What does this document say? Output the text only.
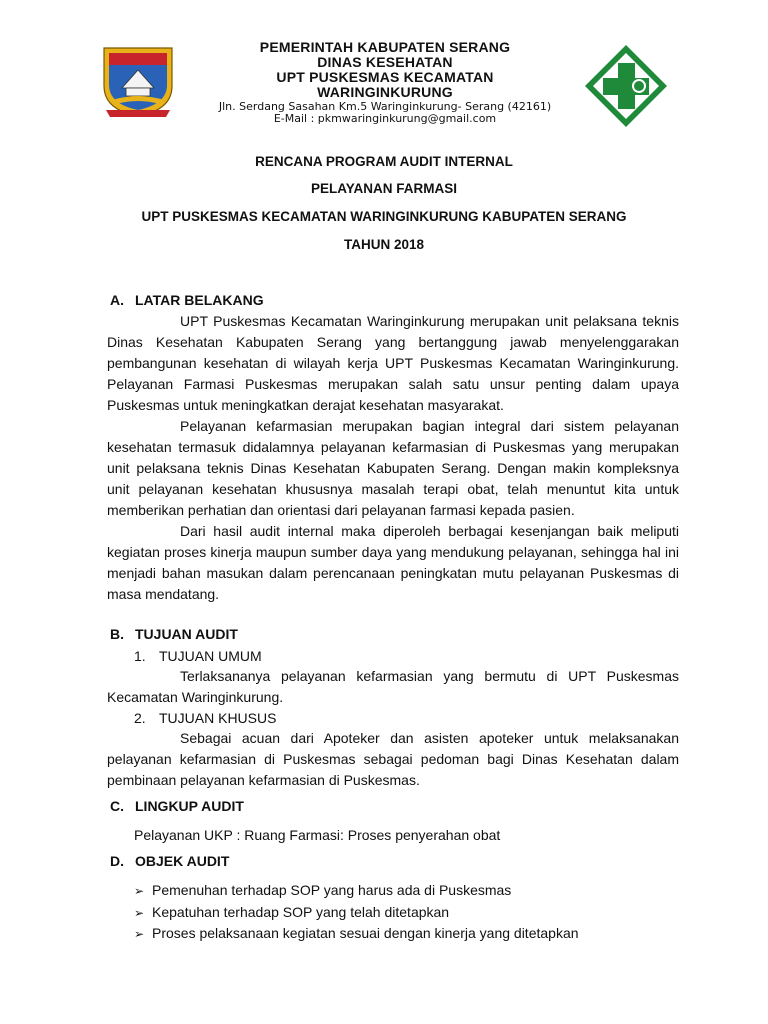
PEMERINTAH KABUPATEN SERANG
DINAS KESEHATAN
UPT PUSKESMAS KECAMATAN
WARINGINKURUNG
Jln. Serdang Sasahan Km.5 Waringinkurung- Serang (42161)
E-Mail : pkmwaringinkurung@gmail.com
RENCANA PROGRAM AUDIT INTERNAL
PELAYANAN FARMASI
UPT PUSKESMAS KECAMATAN WARINGINKURUNG KABUPATEN SERANG
TAHUN 2018
A. LATAR BELAKANG
UPT Puskesmas Kecamatan Waringinkurung merupakan unit pelaksana teknis Dinas Kesehatan Kabupaten Serang yang bertanggung jawab menyelenggarakan pembangunan kesehatan di wilayah kerja UPT Puskesmas Kecamatan Waringinkurung. Pelayanan Farmasi Puskesmas merupakan salah satu unsur penting dalam upaya Puskesmas untuk meningkatkan derajat kesehatan masyarakat.
Pelayanan kefarmasian merupakan bagian integral dari sistem pelayanan kesehatan termasuk didalamnya pelayanan kefarmasian di Puskesmas yang merupakan unit pelaksana teknis Dinas Kesehatan Kabupaten Serang. Dengan makin kompleksnya unit pelayanan kesehatan khususnya masalah terapi obat, telah menuntut kita untuk memberikan perhatian dan orientasi dari pelayanan farmasi kepada pasien.
Dari hasil audit internal maka diperoleh berbagai kesenjangan baik meliputi kegiatan proses kinerja maupun sumber daya yang mendukung pelayanan, sehingga hal ini menjadi bahan masukan dalam perencanaan peningkatan mutu pelayanan Puskesmas di masa mendatang.
B. TUJUAN AUDIT
1. TUJUAN UMUM
Terlaksananya pelayanan kefarmasian yang bermutu di UPT Puskesmas Kecamatan Waringinkurung.
2. TUJUAN KHUSUS
Sebagai acuan dari Apoteker dan asisten apoteker untuk melaksanakan pelayanan kefarmasian di Puskesmas sebagai pedoman bagi Dinas Kesehatan dalam pembinaan pelayanan kefarmasian di Puskesmas.
C. LINGKUP AUDIT
Pelayanan UKP : Ruang Farmasi: Proses penyerahan obat
D. OBJEK AUDIT
➢ Pemenuhan terhadap SOP yang harus ada di Puskesmas
➢ Kepatuhan terhadap SOP yang telah ditetapkan
➢ Proses pelaksanaan kegiatan sesuai dengan kinerja yang ditetapkan
